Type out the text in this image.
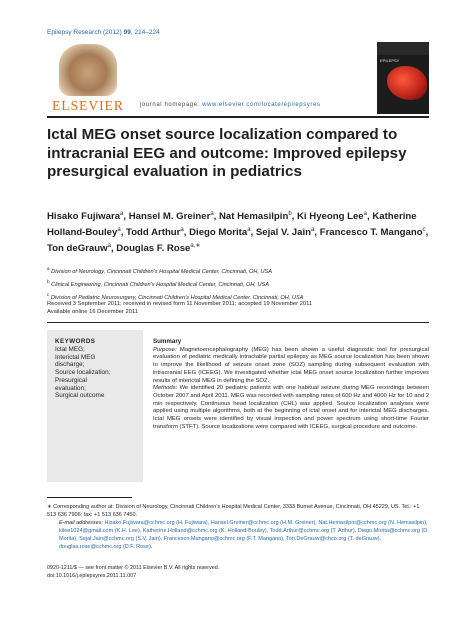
Epilepsy Research (2012) 99, 214–224
ELSEVIER	journal homepage: www.elsevier.com/locate/epilepsyres
EPILEPSY
Ictal MEG onset source localization compared to intracranial EEG and outcome: Improved epilepsy presurgical evaluation in pediatrics
Hisako Fujiwara$^a$, Hansel M. Greiner$^a$, Nat Hemasilpin$^b$, Ki Hyeong Lee$^a$, Katherine Holland-Bouley$^a$, Todd Arthur$^a$, Diego Morita$^a$, Sejal V. Jain$^a$, Francesco T. Mangano$^c$, Ton deGrauw$^a$, Douglas F. Rose$^{a,∗}$
$^a$ Division of Neurology, Cincinnati Children’s Hospital Medical Center, Cincinnati, OH, USA
$^b$ Clinical Engineering, Cincinnati Children’s Hospital Medical Center, Cincinnati, OH, USA
$^c$ Division of Pediatric Neurosurgery, Cincinnati Children’s Hospital Medical Center, Cincinnati, OH, USA
Received 3 September 2011; received in revised form 11 November 2011; accepted 19 November 2011
Available online 16 December 2011
KEYWORDS
Ictal MEG;
Interictal MEG
discharge;
Source localization;
Presurgical
evaluation;
Surgical outcome
Summary

Purpose: Magnetoencephalography (MEG) has been shown a useful diagnostic tool for presurgical evaluation of pediatric medically intractable partial epilepsy as MEG source localization has been shown to improve the likelihood of seizure onset zone (SOZ) sampling during subsequent evaluation with intracranial EEG (ICEEG). We investigated whether ictal MEG onset source localization further improves results of interictal MEG in defining the SOZ.

Methods: We identified 20 pediatric patients with one habitual seizure during MEG recordings between October 2007 and April 2011. MEG was recorded with sampling rates of 600 Hz and 4000 Hz for 10 and 2 min respectively. Continuous head localization (CHL) was applied. Source localization analyses were applied using multiple algorithms, both at the beginning of ictal onset and for interictal MEG discharges. Ictal MEG onsets were identified by visual inspection and power spectrum using short-time Fourier transform (STFT). Source localizations were compared with ICEEG, surgical procedure and outcome.

∗ Corresponding author at: Division of Neurology, Cincinnati Children’s Hospital Medical Center, 3333 Burnet Avenue, Cincinnati, OH 45229, US. Tel.: +1 513 636 7906; fax: +1 513 636 7450.
E-mail addresses: Hisako.Fujiwara@cchmc.org (H. Fujiwara), Hansel.Greiner@cchmc.org (H.M. Greiner), Nat.Hemasilpin@cchmc.org (N. Hemasilpin), kilee1024@gmail.com (K.H. Lee), Katherine.Holland@cchmc.org (K. Holland-Bouley), Todd.Arthur@cchmc.org (T. Arthur), Diego.Morita@cchmc.org (D. Morita), Sejal.Jain@cchmc.org (S.V. Jain), Francesco.Mangano@cchmc.org (F.T. Mangano), Ton.DeGrauw@chco.org (T. deGrauw), douglas.rose@cchmc.org (D.F. Rose).
0920-1211/$ — see front matter © 2011 Elsevier B.V. All rights reserved.
doi:10.1016/j.eplepsyres.2011.11.007
